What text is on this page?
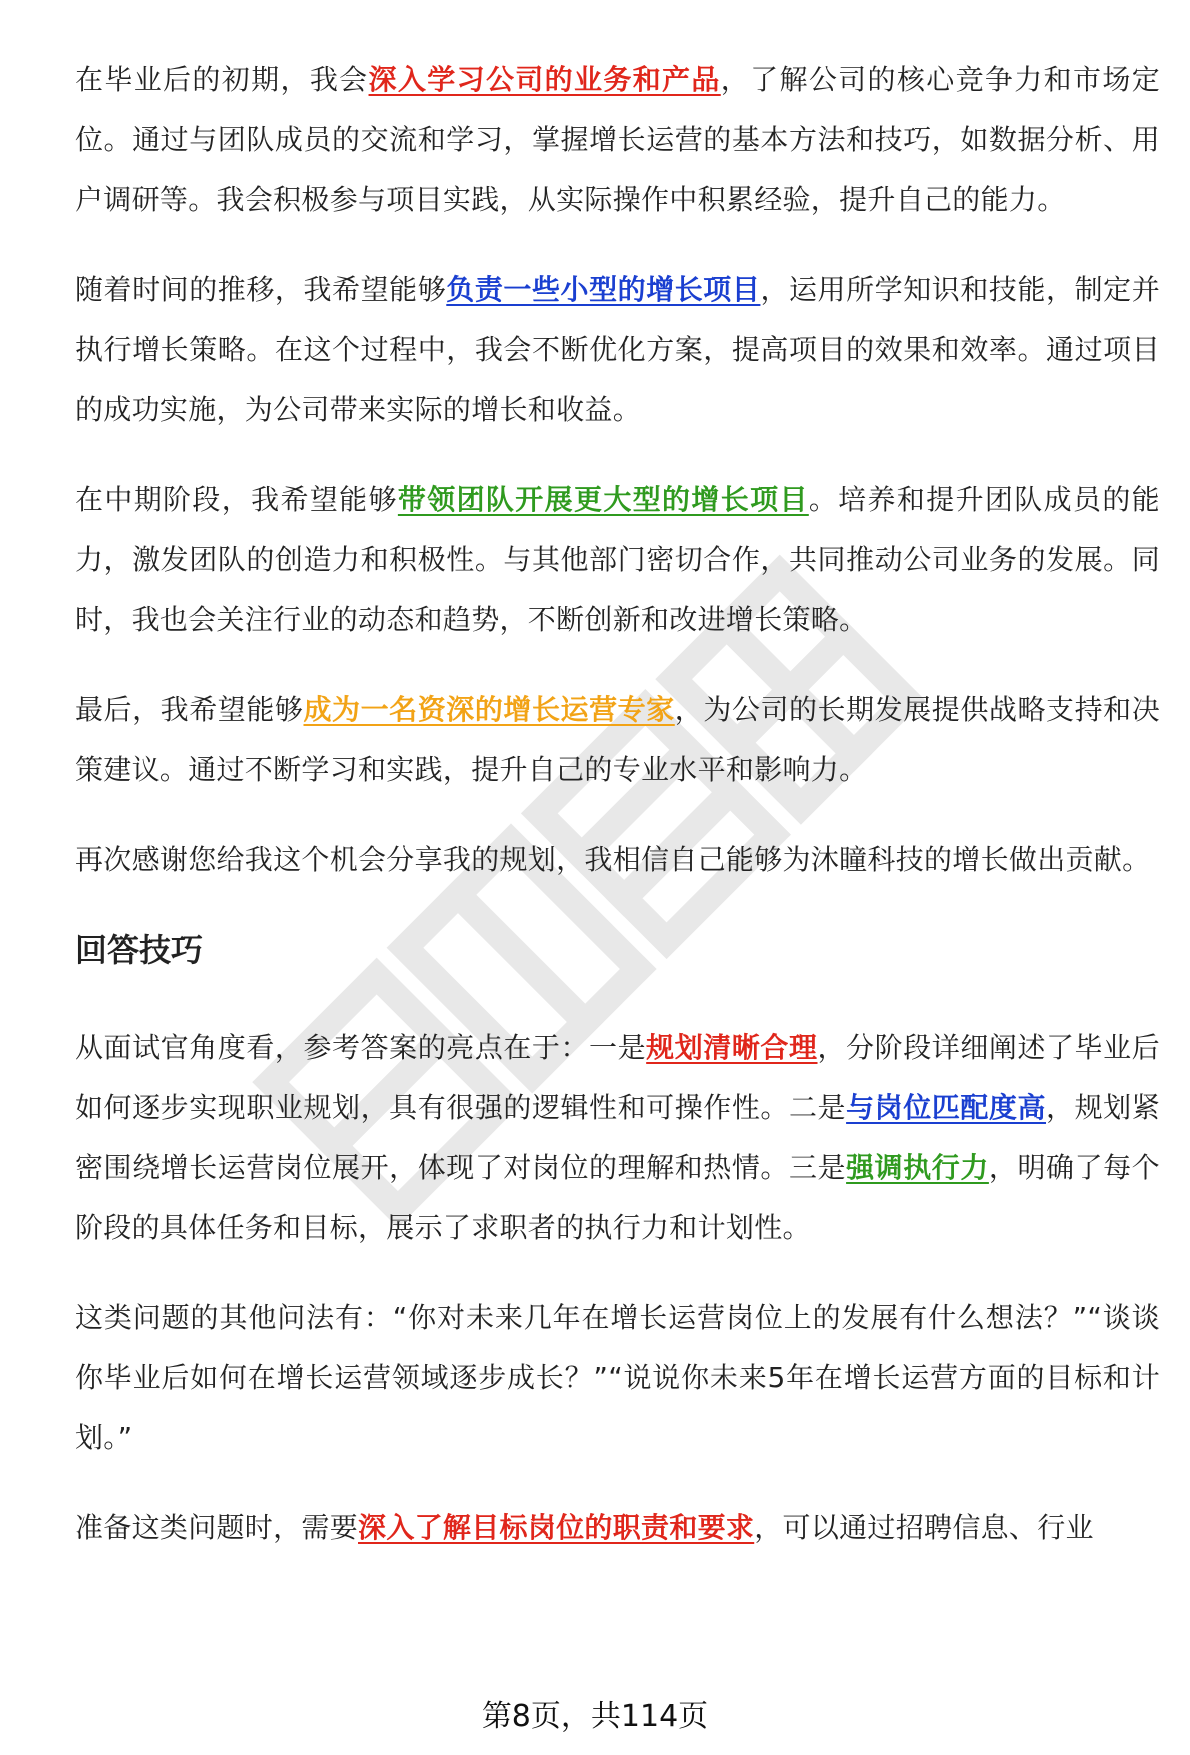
在毕业后的初期，我会深入学习公司的业务和产品，了解公司的核心竞争力和市场定位。通过与团队成员的交流和学习，掌握增长运营的基本方法和技巧，如数据分析、用户调研等。我会积极参与项目实践，从实际操作中积累经验，提升自己的能力。

随着时间的推移，我希望能够负责一些小型的增长项目，运用所学知识和技能，制定并执行增长策略。在这个过程中，我会不断优化方案，提高项目的效果和效率。通过项目的成功实施，为公司带来实际的增长和收益。

在中期阶段，我希望能够带领团队开展更大型的增长项目。培养和提升团队成员的能力，激发团队的创造力和积极性。与其他部门密切合作，共同推动公司业务的发展。同时，我也会关注行业的动态和趋势，不断创新和改进增长策略。

最后，我希望能够成为一名资深的增长运营专家，为公司的长期发展提供战略支持和决策建议。通过不断学习和实践，提升自己的专业水平和影响力。

再次感谢您给我这个机会分享我的规划，我相信自己能够为沐瞳科技的增长做出贡献。

回答技巧

从面试官角度看，参考答案的亮点在于：一是规划清晰合理，分阶段详细阐述了毕业后如何逐步实现职业规划，具有很强的逻辑性和可操作性。二是与岗位匹配度高，规划紧密围绕增长运营岗位展开，体现了对岗位的理解和热情。三是强调执行力，明确了每个阶段的具体任务和目标，展示了求职者的执行力和计划性。

这类问题的其他问法有：“你对未来几年在增长运营岗位上的发展有什么想法？”“谈谈你毕业后如何在增长运营领域逐步成长？”“说说你未来5年在增长运营方面的目标和计划。”

准备这类问题时，需要深入了解目标岗位的职责和要求，可以通过招聘信息、行业

第8页，共114页
